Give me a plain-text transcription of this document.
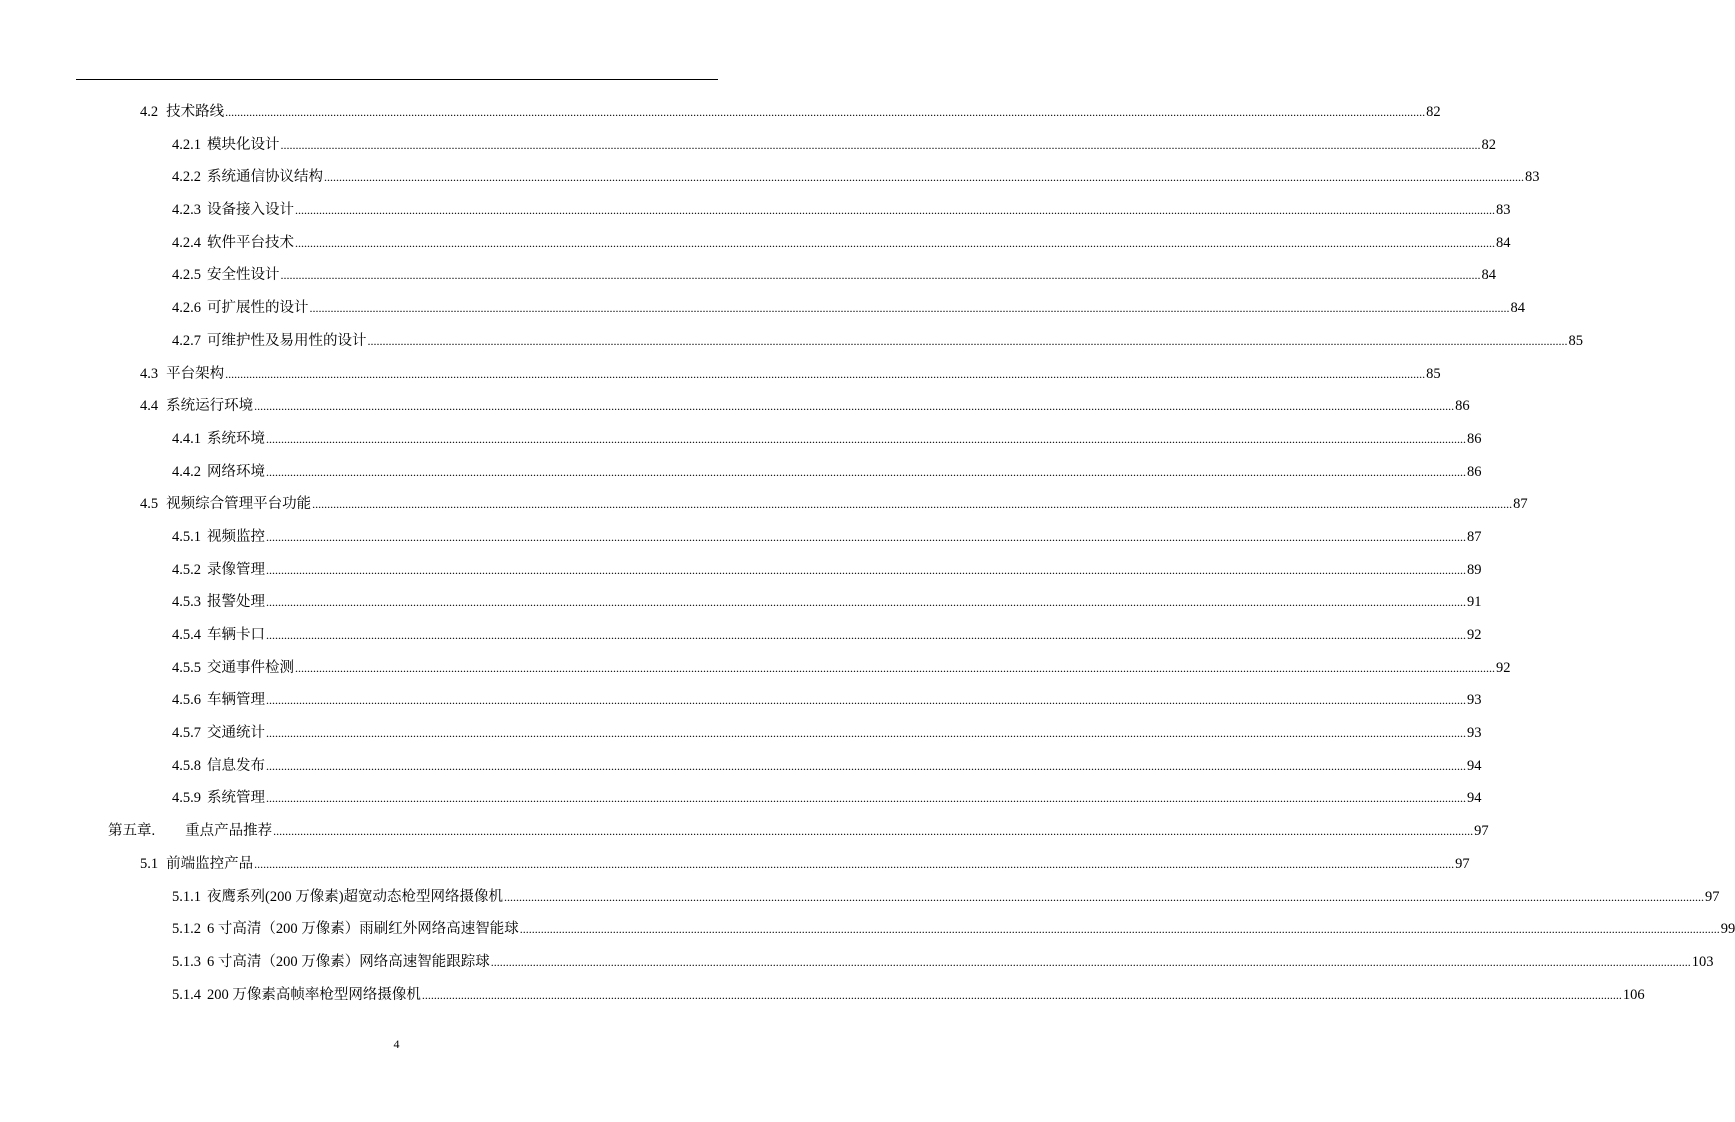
4.2 技术路线 ................................................................................................................................................................................................................................................................................................................................................................................................................ 82
4.2.1 模块化设计 ................................................................................................................................................................................................................................................................................................................................................................................................................ 82
4.2.2 系统通信协议结构 ................................................................................................................................................................................................................................................................................................................................................................................................................ 83
4.2.3 设备接入设计 ................................................................................................................................................................................................................................................................................................................................................................................................................ 83
4.2.4 软件平台技术 ................................................................................................................................................................................................................................................................................................................................................................................................................ 84
4.2.5 安全性设计 ................................................................................................................................................................................................................................................................................................................................................................................................................ 84
4.2.6 可扩展性的设计 ................................................................................................................................................................................................................................................................................................................................................................................................................ 84
4.2.7 可维护性及易用性的设计 ................................................................................................................................................................................................................................................................................................................................................................................................................ 85
4.3 平台架构 ................................................................................................................................................................................................................................................................................................................................................................................................................ 85
4.4 系统运行环境 ................................................................................................................................................................................................................................................................................................................................................................................................................ 86
4.4.1 系统环境 ................................................................................................................................................................................................................................................................................................................................................................................................................ 86
4.4.2 网络环境 ................................................................................................................................................................................................................................................................................................................................................................................................................ 86
4.5 视频综合管理平台功能 ................................................................................................................................................................................................................................................................................................................................................................................................................ 87
4.5.1 视频监控 ................................................................................................................................................................................................................................................................................................................................................................................................................ 87
4.5.2 录像管理 ................................................................................................................................................................................................................................................................................................................................................................................................................ 89
4.5.3 报警处理 ................................................................................................................................................................................................................................................................................................................................................................................................................ 91
4.5.4 车辆卡口 ................................................................................................................................................................................................................................................................................................................................................................................................................ 92
4.5.5 交通事件检测 ................................................................................................................................................................................................................................................................................................................................................................................................................ 92
4.5.6 车辆管理 ................................................................................................................................................................................................................................................................................................................................................................................................................ 93
4.5.7 交通统计 ................................................................................................................................................................................................................................................................................................................................................................................................................ 93
4.5.8 信息发布 ................................................................................................................................................................................................................................................................................................................................................................................................................ 94
4.5.9 系统管理 ................................................................................................................................................................................................................................................................................................................................................................................................................ 94
第五章. 重点产品推荐 ................................................................................................................................................................................................................................................................................................................................................................................................................ 97
5.1 前端监控产品 ................................................................................................................................................................................................................................................................................................................................................................................................................ 97
5.1.1 夜鹰系列(200 万像素)超宽动态枪型网络摄像机 ................................................................................................................................................................................................................................................................................................................................................................................................................ 97
5.1.2 6 寸高清（200 万像素）雨刷红外网络高速智能球 ................................................................................................................................................................................................................................................................................................................................................................................................................ 99
5.1.3 6 寸高清（200 万像素）网络高速智能跟踪球 ................................................................................................................................................................................................................................................................................................................................................................................................................ 103
5.1.4 200 万像素高帧率枪型网络摄像机 ................................................................................................................................................................................................................................................................................................................................................................................................................ 106
4
